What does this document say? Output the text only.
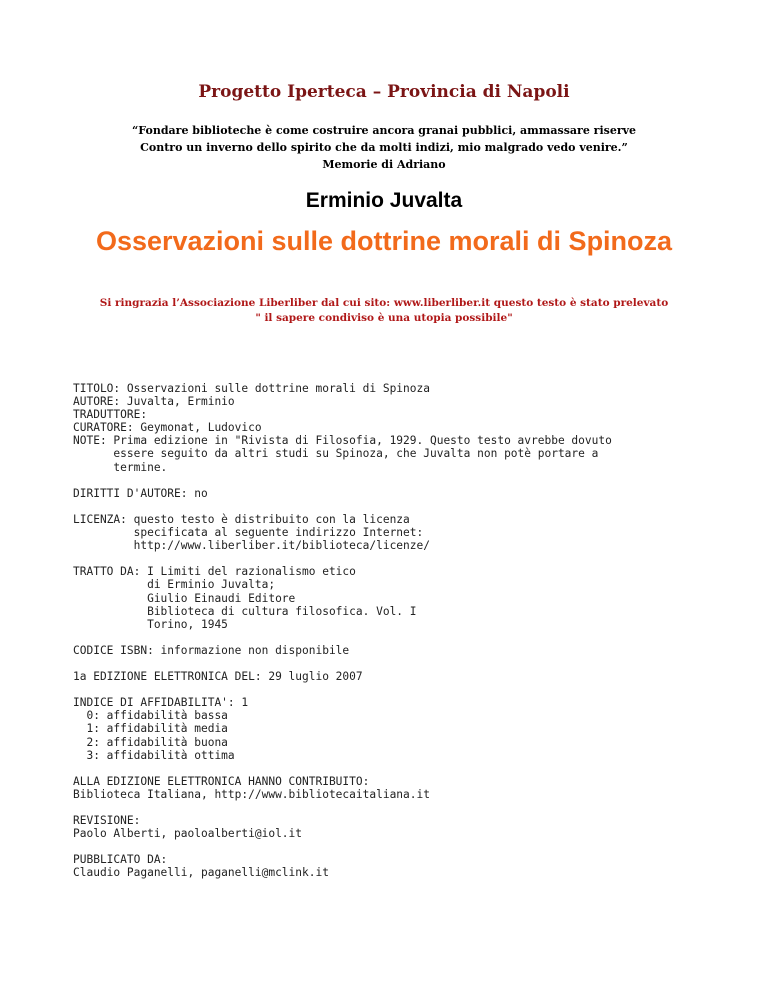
Progetto Iperteca – Provincia di Napoli
“Fondare biblioteche è come costruire ancora granai pubblici, ammassare riserve
Contro un inverno dello spirito che da molti indizi, mio malgrado vedo venire.”
Memorie di Adriano
Erminio Juvalta
Osservazioni sulle dottrine morali di Spinoza
Si ringrazia l’Associazione Liberliber dal cui sito: www.liberliber.it questo testo è stato prelevato
" il sapere condiviso è una utopia possibile"
TITOLO: Osservazioni sulle dottrine morali di Spinoza
AUTORE: Juvalta, Erminio
TRADUTTORE:
CURATORE: Geymonat, Ludovico
NOTE: Prima edizione in "Rivista di Filosofia, 1929. Questo testo avrebbe dovuto
essere seguito da altri studi su Spinoza, che Juvalta non potè portare a
termine.
DIRITTI D'AUTORE: no
LICENZA: questo testo è distribuito con la licenza
specificata al seguente indirizzo Internet:
http://www.liberliber.it/biblioteca/licenze/
TRATTO DA: I Limiti del razionalismo etico
di Erminio Juvalta;
Giulio Einaudi Editore
Biblioteca di cultura filosofica. Vol. I
Torino, 1945
CODICE ISBN: informazione non disponibile
1a EDIZIONE ELETTRONICA DEL: 29 luglio 2007
INDICE DI AFFIDABILITA': 1
0: affidabilità bassa
1: affidabilità media
2: affidabilità buona
3: affidabilità ottima
ALLA EDIZIONE ELETTRONICA HANNO CONTRIBUITO:
Biblioteca Italiana, http://www.bibliotecaitaliana.it
REVISIONE:
Paolo Alberti, paoloalberti@iol.it
PUBBLICATO DA:
Claudio Paganelli, paganelli@mclink.it
